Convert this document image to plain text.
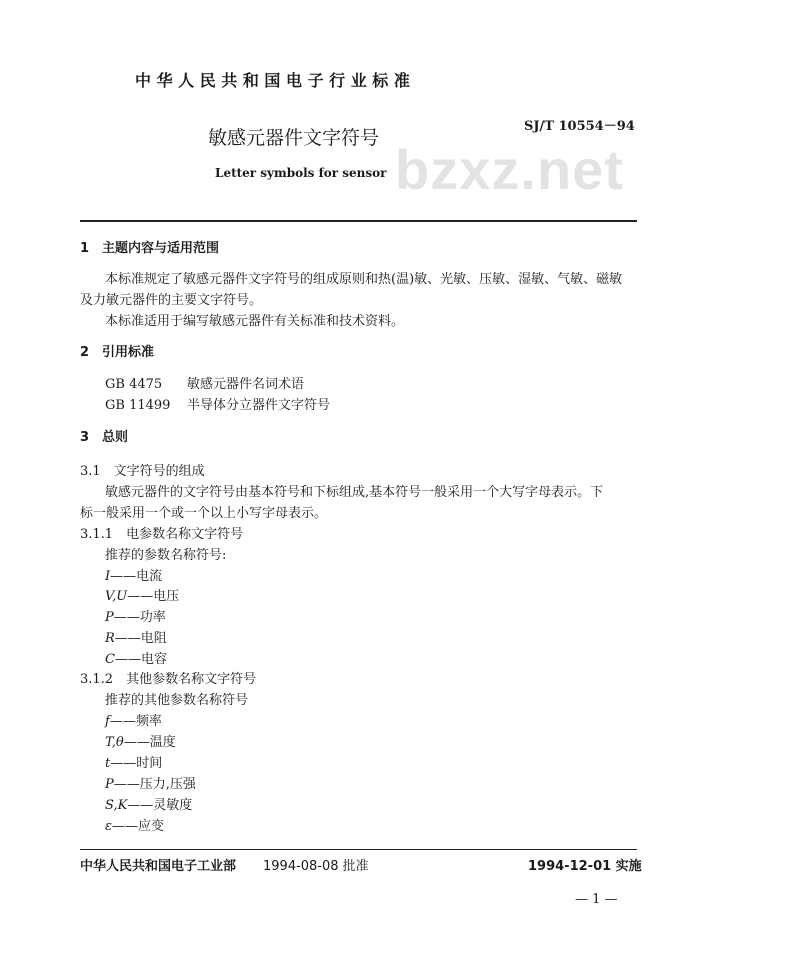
bzxz.net
中 华 人 民 共 和 国 电 子 行 业 标 准
SJ/T 10554－94
敏感元器件文字符号
Letter symbols for sensor
1　主题内容与适用范围
本标准规定了敏感元器件文字符号的组成原则和热(温)敏、光敏、压敏、湿敏、气敏、磁敏
及力敏元器件的主要文字符号。
本标准适用于编写敏感元器件有关标准和技术资料。
2　引用标准
GB 4475 敏感元器件名词术语
GB 11499 半导体分立器件文字符号
3　总则
3.1　文字符号的组成
敏感元器件的文字符号由基本符号和下标组成,基本符号一般采用一个大写字母表示。下
标一般采用一个或一个以上小写字母表示。
3.1.1　电参数名称文字符号
推荐的参数名称符号:
I——电流
V,U——电压
P——功率
R——电阻
C——电容
3.1.2　其他参数名称文字符号
推荐的其他参数名称符号
f——频率
T,θ——温度
t——时间
P——压力,压强
S,K——灵敏度
ε——应变
中华人民共和国电子工业部 1994-08-08 批准	1994-12-01 实施
— 1 —
